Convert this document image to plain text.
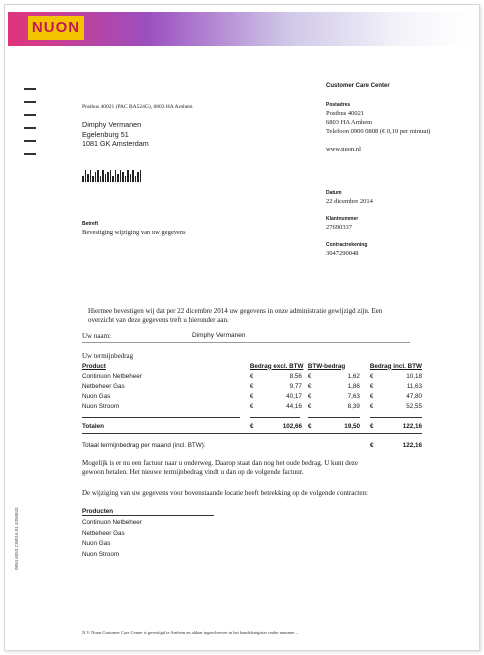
NUON
Postbus 40021 (PAC BA524G), 6803 HA Arnhem
Dimphy Vermanen
Egelenburg 51
1081 GK Amsterdam
Customer Care Center
Postadres
Postbus 40021
6803 HA Arnhem
Telefoon 0900 0808 (€ 0,10 per minuut)
www.nuon.nl
Datum
22 dicembre 2014
Klantnummer
27690337
Contractrekening
3047290048
Betreft
Bevestiging wijziging van uw gegevens
Hiermee bevestigen wij dat per 22 dicembre 2014 uw gegevens in onze administratie gewijzigd zijn. Een
overzicht van deze gegevens treft u hieronder aan.
Uw naam:	Dimphy Vermanen
Uw termijnbedrag
Product	Bedrag excl. BTW	BTW-bedrag	Bedrag incl. BTW
Continuon Netbeheer	€ 8,56	€ 1,62	€ 10,18

Netbeheer Gas	€ 9,77	€ 1,86	€ 11,63

Nuon Gas	€ 40,17	€ 7,63	€ 47,80

Nuon Stroom	€ 44,16	€ 8,39	€ 52,55
Totalen	€	102,66	€	19,50	€	122,16
Totaal termijnbedrag per maand (incl. BTW):	€	122,16
Mogelijk is er nu een factuur naar u onderweg. Daarop staat dan nog het oude bedrag. U kunt deze
gewoon betalen. Het nieuwe termijnbedrag vindt u dan op de volgende factuur.
De wijziging van uw gegevens voor bovenstaande locatie heeft betrekking op de volgende contracten:
Producten
Continuon Netbeheer
Netbeheer Gas
Nuon Gas
Nuon Stroom
0894 6053 CW016.01 4396843
N.V. Nuon Customer Care Center is gevestigd te Arnhem en aldaar ingeschreven in het handelsregister onder nummer ...
